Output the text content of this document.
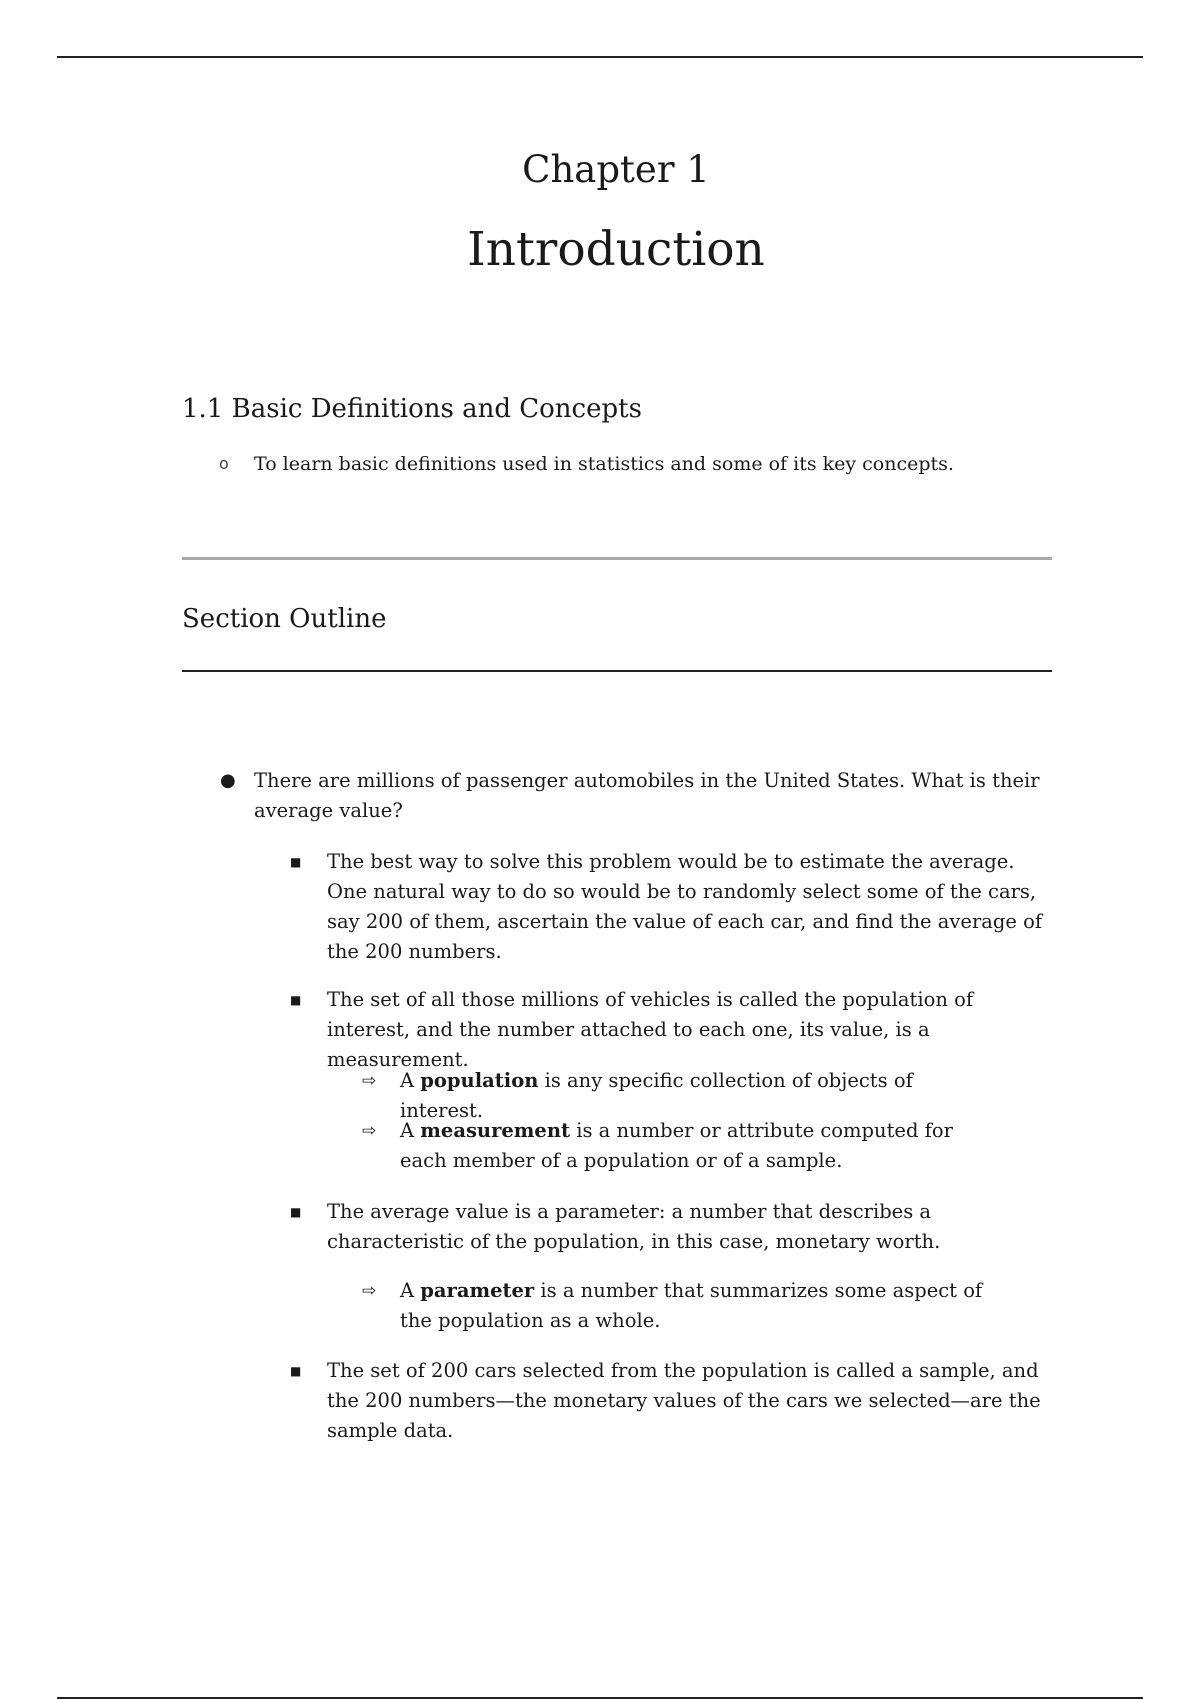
Chapter 1
Introduction
1.1 Basic Definitions and Concepts
o To learn basic definitions used in statistics and some of its key concepts.
Section Outline
● There are millions of passenger automobiles in the United States. What is their average value?
■ The best way to solve this problem would be to estimate the average. One natural way to do so would be to randomly select some of the cars, say 200 of them, ascertain the value of each car, and find the average of the 200 numbers.
■ The set of all those millions of vehicles is called the population of interest, and the number attached to each one, its value, is a measurement.
⇨ A population is any specific collection of objects of interest.
⇨ A measurement is a number or attribute computed for each member of a population or of a sample.
■ The average value is a parameter: a number that describes a characteristic of the population, in this case, monetary worth.
⇨ A parameter is a number that summarizes some aspect of the population as a whole.
■ The set of 200 cars selected from the population is called a sample, and the 200 numbers—the monetary values of the cars we selected—are the sample data.
